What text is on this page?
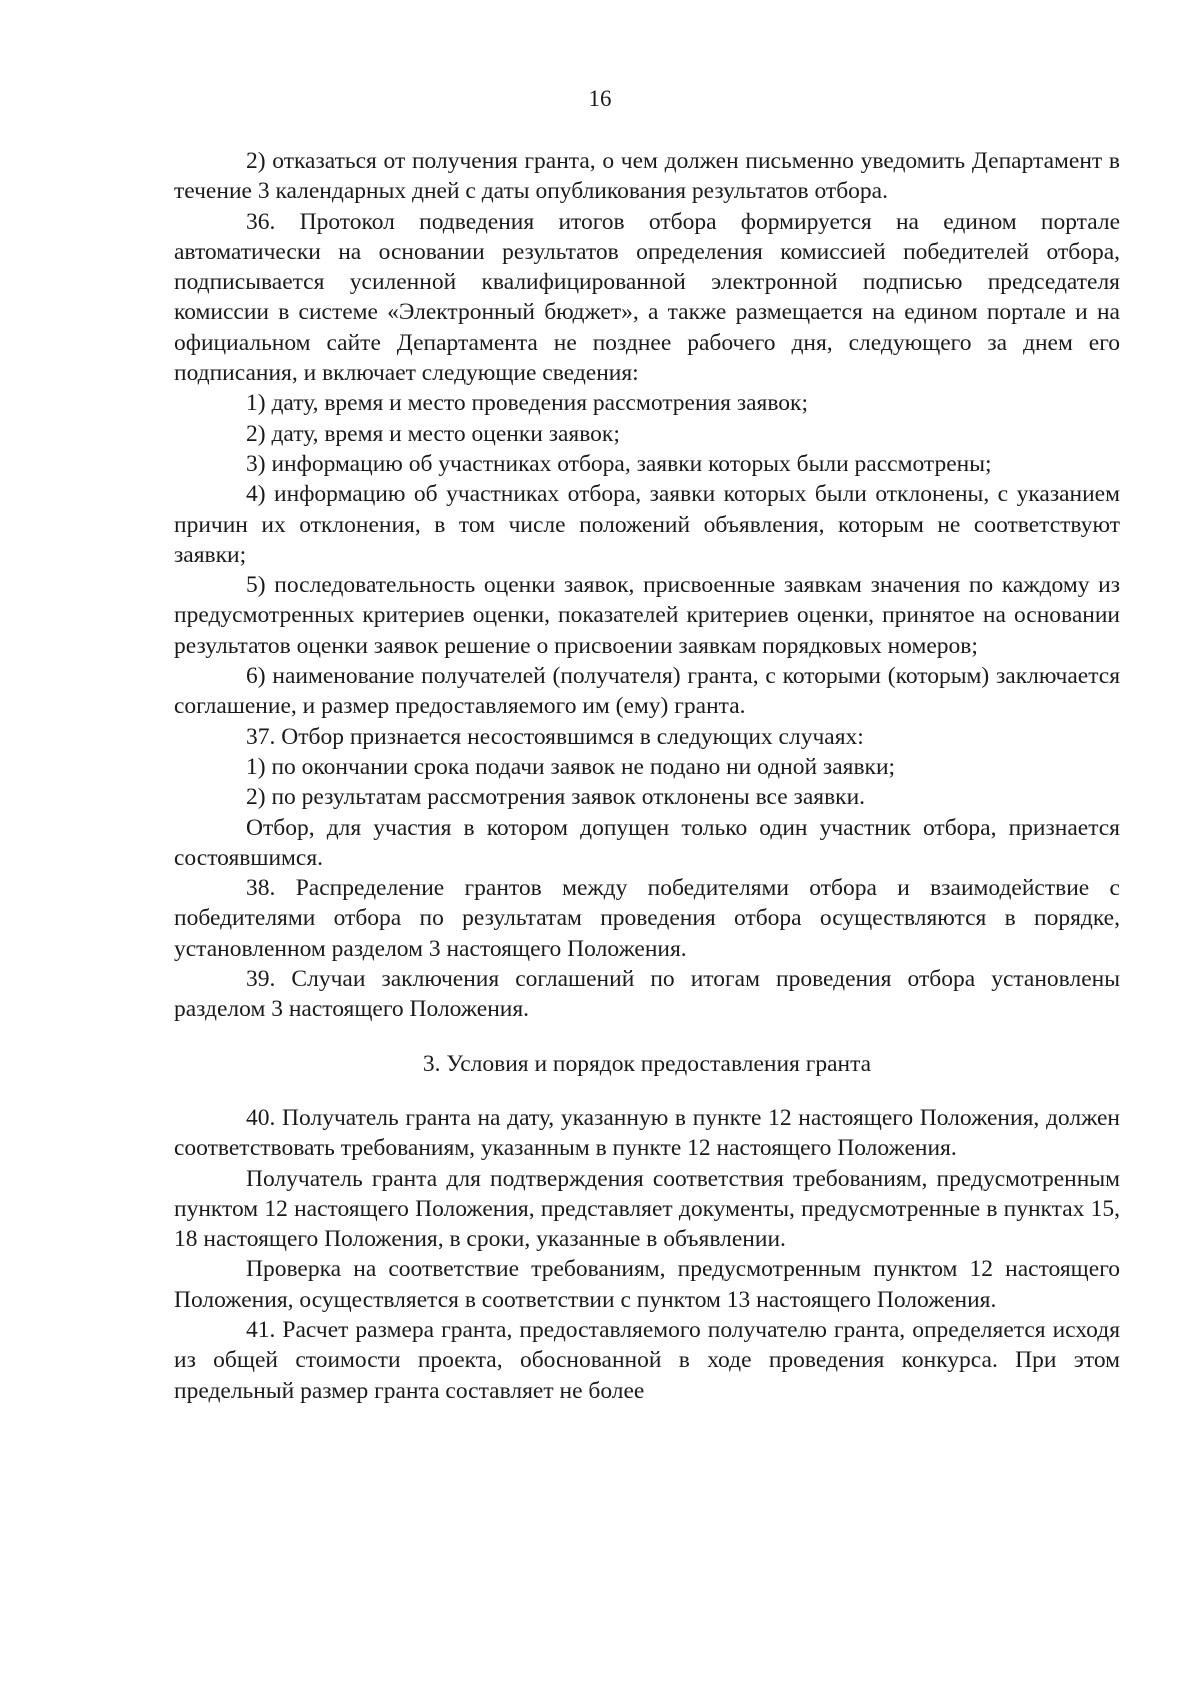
16

2) отказаться от получения гранта, о чем должен письменно уведомить Департамент в течение 3 календарных дней с даты опубликования результатов отбора.

36. Протокол подведения итогов отбора формируется на едином портале автоматически на основании результатов определения комиссией победителей отбора, подписывается усиленной квалифицированной электронной подписью председателя комиссии в системе «Электронный бюджет», а также размещается на едином портале и на официальном сайте Департамента не позднее рабочего дня, следующего за днем его подписания, и включает следующие сведения:

1) дату, время и место проведения рассмотрения заявок;

2) дату, время и место оценки заявок;

3) информацию об участниках отбора, заявки которых были рассмотрены;

4) информацию об участниках отбора, заявки которых были отклонены, с указанием причин их отклонения, в том числе положений объявления, которым не соответствуют заявки;

5) последовательность оценки заявок, присвоенные заявкам значения по каждому из предусмотренных критериев оценки, показателей критериев оценки, принятое на основании результатов оценки заявок решение о присвоении заявкам порядковых номеров;

6) наименование получателей (получателя) гранта, с которыми (которым) заключается соглашение, и размер предоставляемого им (ему) гранта.

37. Отбор признается несостоявшимся в следующих случаях:

1) по окончании срока подачи заявок не подано ни одной заявки;

2) по результатам рассмотрения заявок отклонены все заявки.

Отбор, для участия в котором допущен только один участник отбора, признается состоявшимся.

38. Распределение грантов между победителями отбора и взаимодействие с победителями отбора по результатам проведения отбора осуществляются в порядке, установленном разделом 3 настоящего Положения.

39. Случаи заключения соглашений по итогам проведения отбора установлены разделом 3 настоящего Положения.

3. Условия и порядок предоставления гранта

40. Получатель гранта на дату, указанную в пункте 12 настоящего Положения, должен соответствовать требованиям, указанным в пункте 12 настоящего Положения.

Получатель гранта для подтверждения соответствия требованиям, предусмотренным пунктом 12 настоящего Положения, представляет документы, предусмотренные в пунктах 15, 18 настоящего Положения, в сроки, указанные в объявлении.

Проверка на соответствие требованиям, предусмотренным пунктом 12 настоящего Положения, осуществляется в соответствии с пунктом 13 настоящего Положения.

41. Расчет размера гранта, предоставляемого получателю гранта, определяется исходя из общей стоимости проекта, обоснованной в ходе проведения конкурса. При этом предельный размер гранта составляет не более
